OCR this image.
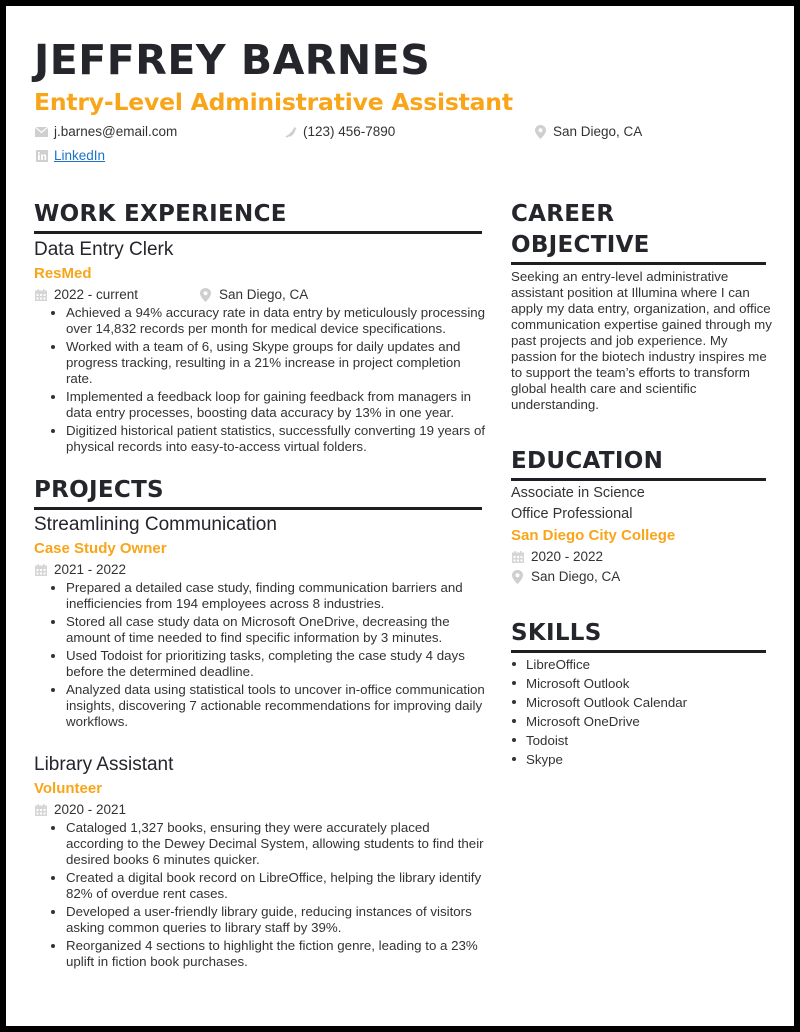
JEFFREY BARNES
Entry-Level Administrative Assistant
j.barnes@email.com	(123) 456-7890	San Diego, CA
LinkedIn
WORK EXPERIENCE
Data Entry Clerk
ResMed
2022 - current	San Diego, CA
Achieved a 94% accuracy rate in data entry by meticulously processing over 14,832 records per month for medical device specifications.
Worked with a team of 6, using Skype groups for daily updates and progress tracking, resulting in a 21% increase in project completion rate.
Implemented a feedback loop for gaining feedback from managers in data entry processes, boosting data accuracy by 13% in one year.
Digitized historical patient statistics, successfully converting 19 years of physical records into easy-to-access virtual folders.
PROJECTS
Streamlining Communication
Case Study Owner
2021 - 2022
Prepared a detailed case study, finding communication barriers and inefficiencies from 194 employees across 8 industries.
Stored all case study data on Microsoft OneDrive, decreasing the amount of time needed to find specific information by 3 minutes.
Used Todoist for prioritizing tasks, completing the case study 4 days before the determined deadline.
Analyzed data using statistical tools to uncover in-office communication insights, discovering 7 actionable recommendations for improving daily workflows.
Library Assistant
Volunteer
2020 - 2021
Cataloged 1,327 books, ensuring they were accurately placed according to the Dewey Decimal System, allowing students to find their desired books 6 minutes quicker.
Created a digital book record on LibreOffice, helping the library identify 82% of overdue rent cases.
Developed a user-friendly library guide, reducing instances of visitors asking common queries to library staff by 39%.
Reorganized 4 sections to highlight the fiction genre, leading to a 23% uplift in fiction book purchases.
CAREER
OBJECTIVE
Seeking an entry-level administrative assistant position at Illumina where I can apply my data entry, organization, and office communication expertise gained through my past projects and job experience. My passion for the biotech industry inspires me to support the team’s efforts to transform global health care and scientific understanding.
EDUCATION
Associate in Science
Office Professional
San Diego City College
2020 - 2022
San Diego, CA
SKILLS
LibreOffice
Microsoft Outlook
Microsoft Outlook Calendar
Microsoft OneDrive
Todoist
Skype
